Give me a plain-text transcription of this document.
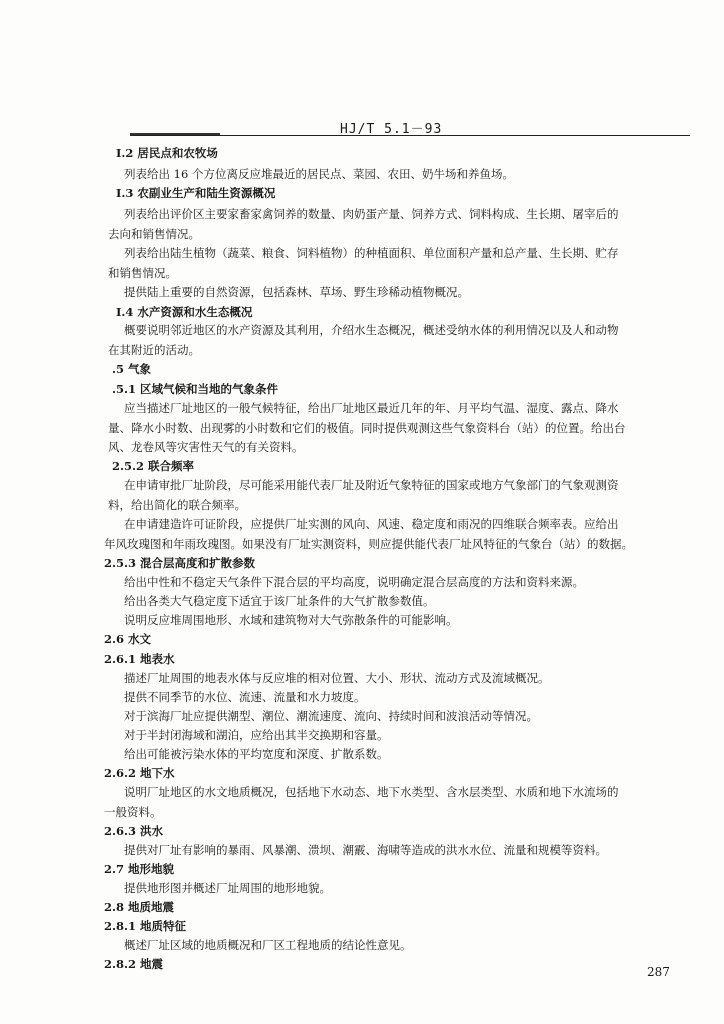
HJ/T 5.1－93
I.2 居民点和农牧场
列表给出 16 个方位离反应堆最近的居民点、菜园、农田、奶牛场和养鱼场。
I.3 农副业生产和陆生资源概况
列表给出评价区主要家畜家禽饲养的数量、肉奶蛋产量、饲养方式、饲料构成、生长期、屠宰后的
去向和销售情况。
列表给出陆生植物（蔬菜、粮食、饲料植物）的种植面积、单位面积产量和总产量、生长期、贮存
和销售情况。
提供陆上重要的自然资源，包括森林、草场、野生珍稀动植物概况。
I.4 水产资源和水生态概况
概要说明邻近地区的水产资源及其利用，介绍水生态概况，概述受纳水体的利用情况以及人和动物
在其附近的活动。
.5 气象
.5.1 区域气候和当地的气象条件
应当描述厂址地区的一般气候特征，给出厂址地区最近几年的年、月平均气温、湿度、露点、降水
量、降水小时数、出现雾的小时数和它们的极值。同时提供观测这些气象资料台（站）的位置。给出台
风、龙卷风等灾害性天气的有关资料。
2.5.2 联合频率
在申请审批厂址阶段，尽可能采用能代表厂址及附近气象特征的国家或地方气象部门的气象观测资
料，给出简化的联合频率。
在申请建造许可证阶段，应提供厂址实测的风向、风速、稳定度和雨况的四维联合频率表。应给出
年风玫瑰图和年雨玫瑰图。如果没有厂址实测资料，则应提供能代表厂址风特征的气象台（站）的数据。
2.5.3 混合层高度和扩散参数
给出中性和不稳定天气条件下混合层的平均高度，说明确定混合层高度的方法和资料来源。
给出各类大气稳定度下适宜于该厂址条件的大气扩散参数值。
说明反应堆周围地形、水域和建筑物对大气弥散条件的可能影响。
2.6 水文
2.6.1 地表水
描述厂址周围的地表水体与反应堆的相对位置、大小、形状、流动方式及流域概况。
提供不同季节的水位、流速、流量和水力坡度。
对于滨海厂址应提供潮型、潮位、潮流速度、流向、持续时间和波浪活动等情况。
对于半封闭海域和湖泊，应给出其半交换期和容量。
给出可能被污染水体的平均宽度和深度、扩散系数。
2.6.2 地下水
说明厂址地区的水文地质概况，包括地下水动态、地下水类型、含水层类型、水质和地下水流场的
一般资料。
2.6.3 洪水
提供对厂址有影响的暴雨、风暴潮、溃坝、潮霰、海啸等造成的洪水水位、流量和规模等资料。
2.7 地形地貌
提供地形图并概述厂址周围的地形地貌。
2.8 地质地震
2.8.1 地质特征
概述厂址区域的地质概况和厂区工程地质的结论性意见。
2.8.2 地震
287
